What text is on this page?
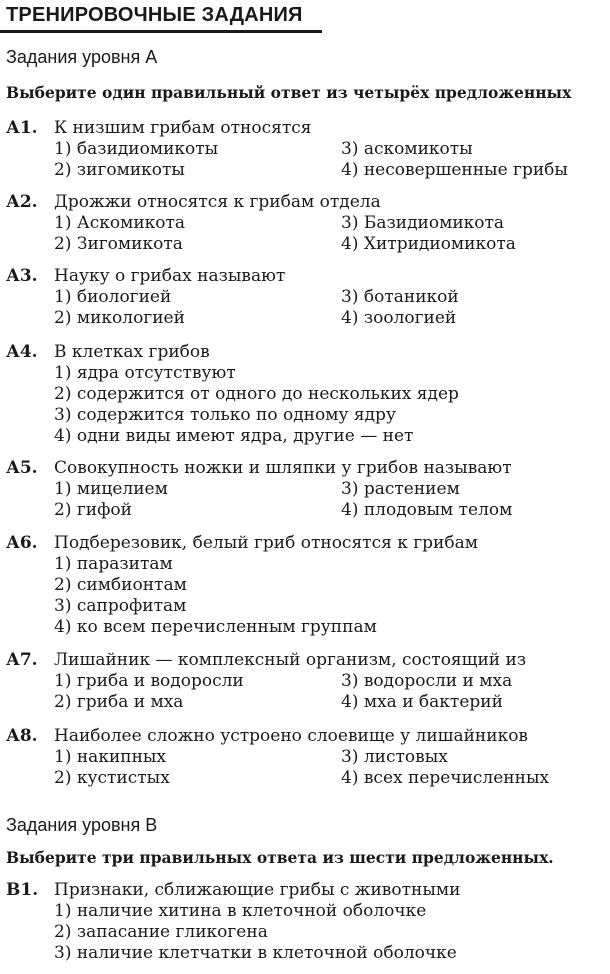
ТРЕНИРОВОЧНЫЕ ЗАДАНИЯ
Задания уровня А

Выберите один правильный ответ из четырёх предложенных

А1. К низшим грибам относятся
1) базидиомикоты	3) аскомикоты
2) зигомикоты	4) несовершенные грибы
А2. Дрожжи относятся к грибам отдела
1) Аскомикота	3) Базидиомикота
2) Зигомикота	4) Хитридиомикота
А3. Науку о грибах называют
1) биологией	3) ботаникой
2) микологией	4) зоологией
А4. В клетках грибов
1) ядра отсутствуют
2) содержится от одного до нескольких ядер
3) содержится только по одному ядру
4) одни виды имеют ядра, другие — нет
А5. Совокупность ножки и шляпки у грибов называют
1) мицелием	3) растением
2) гифой	4) плодовым телом
А6. Подберезовик, белый гриб относятся к грибам
1) паразитам
2) симбионтам
3) сапрофитам
4) ко всем перечисленным группам
А7. Лишайник — комплексный организм, состоящий из
1) гриба и водоросли	3) водоросли и мха
2) гриба и мха	4) мха и бактерий
А8. Наиболее сложно устроено слоевище у лишайников
1) накипных	3) листовых
2) кустистых	4) всех перечисленных
Задания уровня В

Выберите три правильных ответа из шести предложенных.

В1. Признаки, сближающие грибы с животными
1) наличие хитина в клеточной оболочке
2) запасание гликогена
3) наличие клетчатки в клеточной оболочке
